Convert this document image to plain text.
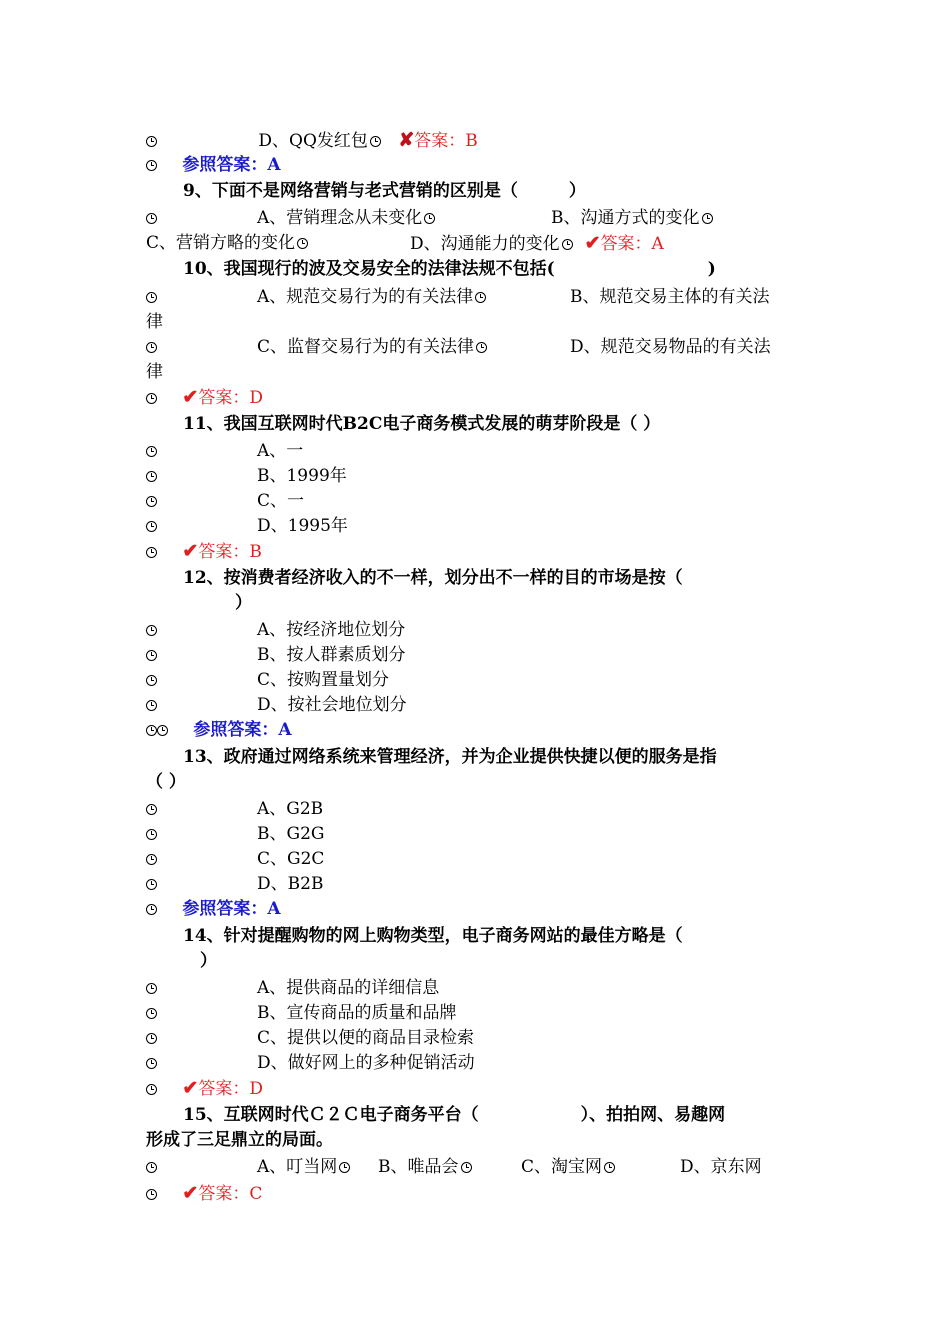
D、QQ发红包 ✘答案：B
参照答案：A
9、下面不是网络营销与老式营销的区别是（　　　）
A、营销理念从未变化	B、沟通方式的变化
C、营销方略的变化	D、沟通能力的变化 ✔答案：A
10、我国现行的波及交易安全的法律法规不包括(　　　　　　　　　)
A、规范交易行为的有关法律	B、规范交易主体的有关法
律
C、监督交易行为的有关法律	D、规范交易物品的有关法
律
✔答案：D
11、我国互联网时代B2C电子商务模式发展的萌芽阶段是（ ）
A、一
B、1999年
C、一
D、1995年
✔答案：B
12、按消费者经济收入的不一样，划分出不一样的目的市场是按（
）
A、按经济地位划分
B、按人群素质划分
C、按购置量划分
D、按社会地位划分
参照答案：A
13、政府通过网络系统来管理经济，并为企业提供快捷以便的服务是指
（ ）
A、G2B
B、G2G
C、G2C
D、B2B
参照答案：A
14、针对提醒购物的网上购物类型，电子商务网站的最佳方略是（
）
A、提供商品的详细信息
B、宣传商品的质量和品牌
C、提供以便的商品目录检索
D、做好网上的多种促销活动
✔答案：D
15、互联网时代Ｃ２Ｃ电子商务平台（　　　　　　）、拍拍网、易趣网
形成了三足鼎立的局面。
A、叮当网	B、唯品会	C、淘宝网	D、京东网
✔答案：C
